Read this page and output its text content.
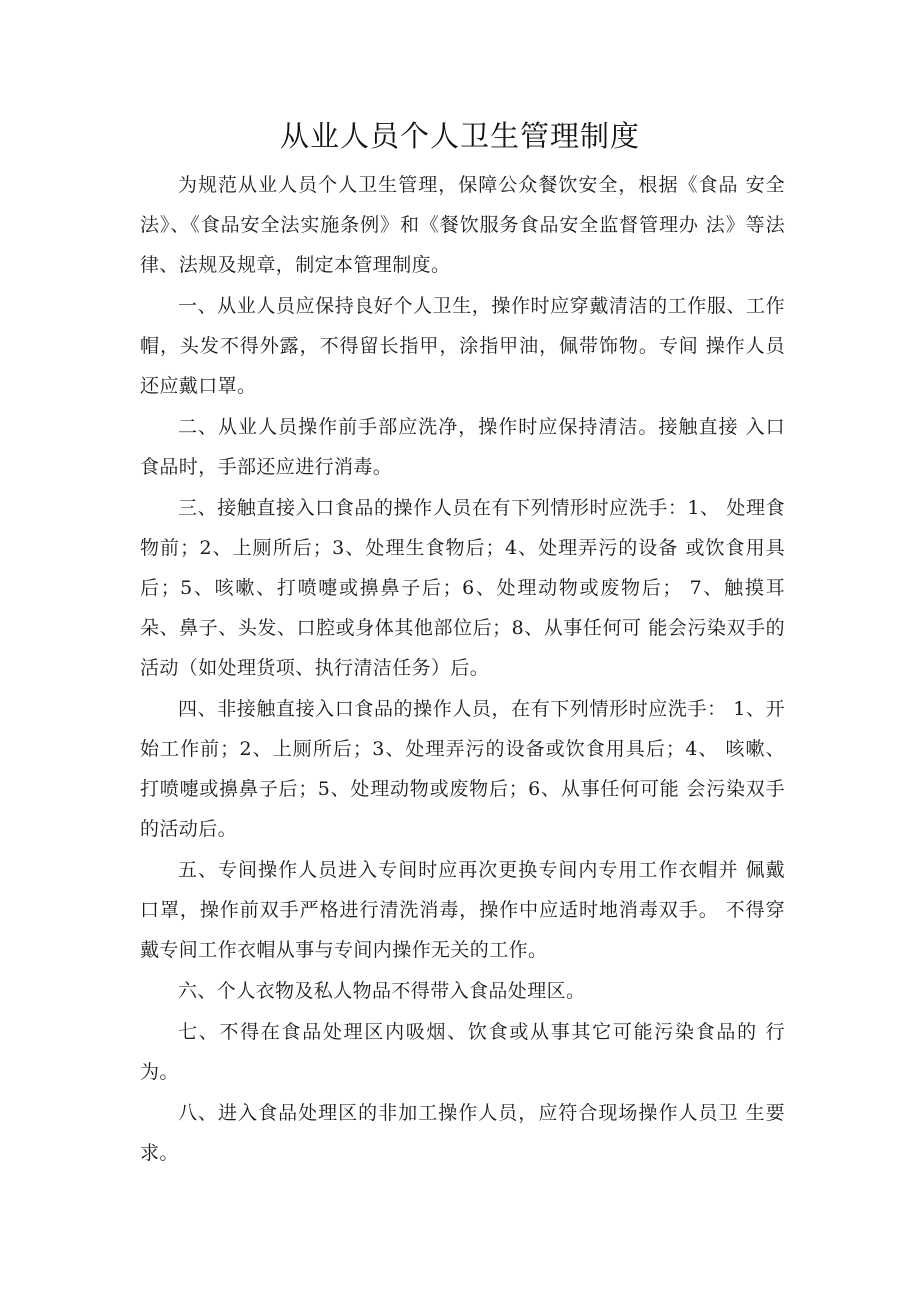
从业人员个人卫生管理制度

为规范从业人员个人卫生管理，保障公众餐饮安全，根据《食品 安全法》、《食品安全法实施条例》和《餐饮服务食品安全监督管理办 法》等法律、法规及规章，制定本管理制度。

一、从业人员应保持良好个人卫生，操作时应穿戴清洁的工作服、工作帽，头发不得外露，不得留长指甲，涂指甲油，佩带饰物。专间 操作人员还应戴口罩。

二、从业人员操作前手部应洗净，操作时应保持清洁。接触直接 入口食品时，手部还应进行消毒。

三、接触直接入口食品的操作人员在有下列情形时应洗手：1、 处理食物前；2、上厕所后；3、处理生食物后；4、处理弄污的设备 或饮食用具后；5、咳嗽、打喷嚏或擤鼻子后；6、处理动物或废物后； 7、触摸耳朵、鼻子、头发、口腔或身体其他部位后；8、从事任何可 能会污染双手的活动（如处理货项、执行清洁任务）后。

四、非接触直接入口食品的操作人员，在有下列情形时应洗手： 1、开始工作前；2、上厕所后；3、处理弄污的设备或饮食用具后；4、 咳嗽、打喷嚏或擤鼻子后；5、处理动物或废物后；6、从事任何可能 会污染双手的活动后。

五、专间操作人员进入专间时应再次更换专间内专用工作衣帽并 佩戴口罩，操作前双手严格进行清洗消毒，操作中应适时地消毒双手。 不得穿戴专间工作衣帽从事与专间内操作无关的工作。

六、个人衣物及私人物品不得带入食品处理区。

七、不得在食品处理区内吸烟、饮食或从事其它可能污染食品的 行为。

八、进入食品处理区的非加工操作人员，应符合现场操作人员卫 生要求。
